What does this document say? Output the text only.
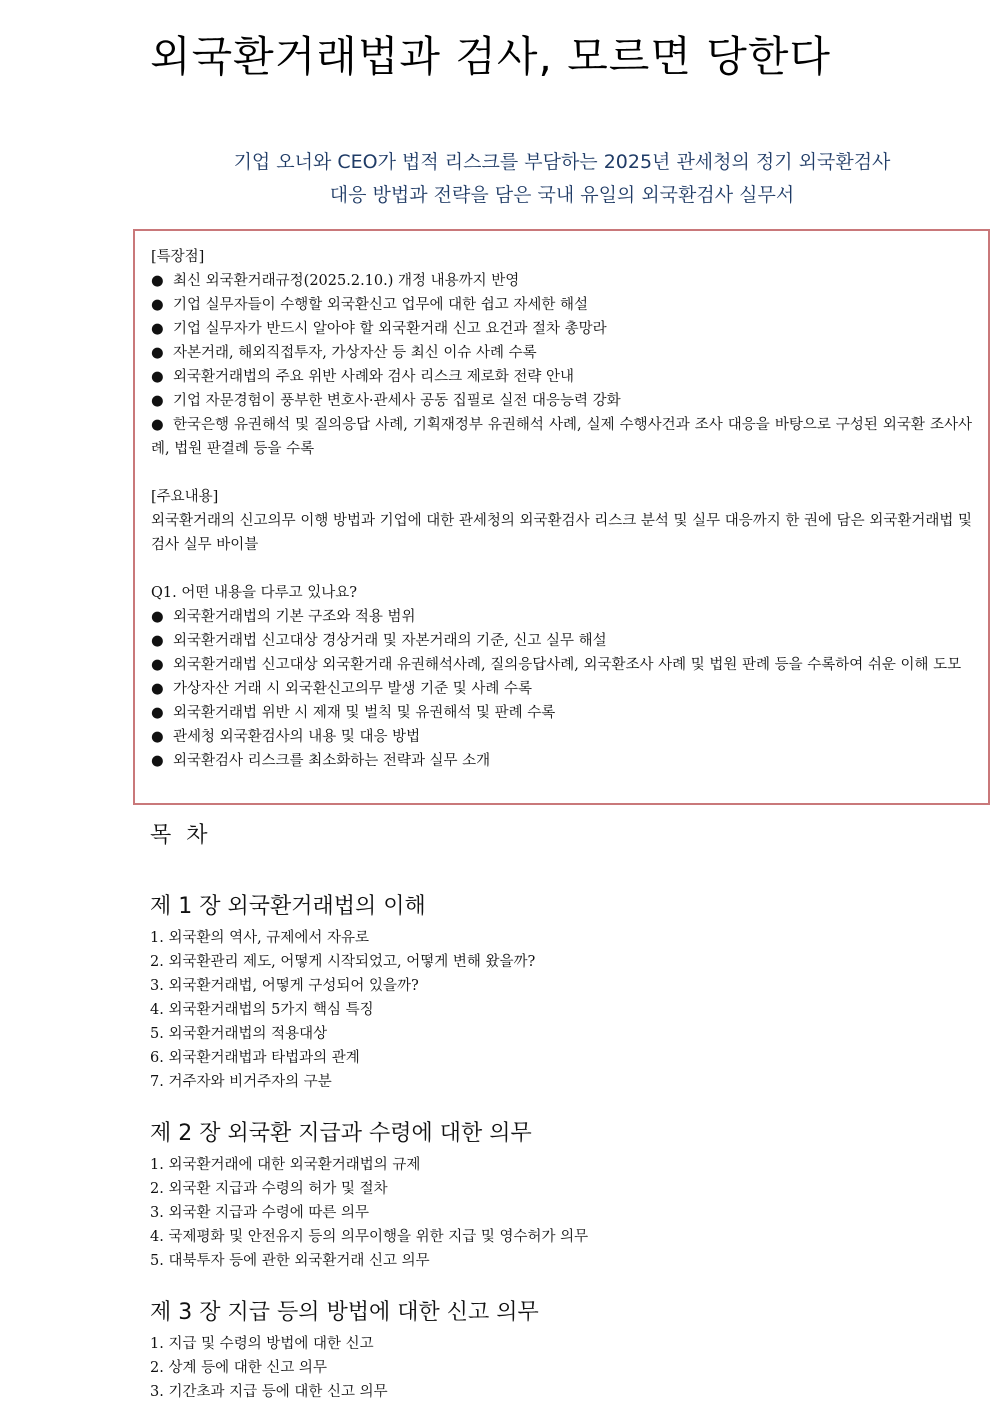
외국환거래법과 검사, 모르면 당한다
기업 오너와 CEO가 법적 리스크를 부담하는 2025년 관세청의 정기 외국환검사
대응 방법과 전략을 담은 국내 유일의 외국환검사 실무서
[특장점]
● 최신 외국환거래규정(2025.2.10.) 개정 내용까지 반영
● 기업 실무자들이 수행할 외국환신고 업무에 대한 쉽고 자세한 해설
● 기업 실무자가 반드시 알아야 할 외국환거래 신고 요건과 절차 총망라
● 자본거래, 해외직접투자, 가상자산 등 최신 이슈 사례 수록
● 외국환거래법의 주요 위반 사례와 검사 리스크 제로화 전략 안내
● 기업 자문경험이 풍부한 변호사·관세사 공동 집필로 실전 대응능력 강화
● 한국은행 유권해석 및 질의응답 사례, 기획재정부 유권해석 사례, 실제 수행사건과 조사 대응을 바탕으로 구성된 외국환 조사사례, 법원 판결례 등을 수록
[주요내용]
외국환거래의 신고의무 이행 방법과 기업에 대한 관세청의 외국환검사 리스크 분석 및 실무 대응까지 한 권에 담은 외국환거래법 및 검사 실무 바이블
Q1. 어떤 내용을 다루고 있나요?
● 외국환거래법의 기본 구조와 적용 범위
● 외국환거래법 신고대상 경상거래 및 자본거래의 기준, 신고 실무 해설
● 외국환거래법 신고대상 외국환거래 유권해석사례, 질의응답사례, 외국환조사 사례 및 법원 판례 등을 수록하여 쉬운 이해 도모
● 가상자산 거래 시 외국환신고의무 발생 기준 및 사례 수록
● 외국환거래법 위반 시 제재 및 벌칙 및 유권해석 및 판례 수록
● 관세청 외국환검사의 내용 및 대응 방법
● 외국환검사 리스크를 최소화하는 전략과 실무 소개
목 차
제 1 장 외국환거래법의 이해
1. 외국환의 역사, 규제에서 자유로
2. 외국환관리 제도, 어떻게 시작되었고, 어떻게 변해 왔을까?
3. 외국환거래법, 어떻게 구성되어 있을까?
4. 외국환거래법의 5가지 핵심 특징
5. 외국환거래법의 적용대상
6. 외국환거래법과 타법과의 관계
7. 거주자와 비거주자의 구분
제 2 장 외국환 지급과 수령에 대한 의무
1. 외국환거래에 대한 외국환거래법의 규제
2. 외국환 지급과 수령의 허가 및 절차
3. 외국환 지급과 수령에 따른 의무
4. 국제평화 및 안전유지 등의 의무이행을 위한 지급 및 영수허가 의무
5. 대북투자 등에 관한 외국환거래 신고 의무
제 3 장 지급 등의 방법에 대한 신고 의무
1. 지급 및 수령의 방법에 대한 신고
2. 상계 등에 대한 신고 의무
3. 기간초과 지급 등에 대한 신고 의무
